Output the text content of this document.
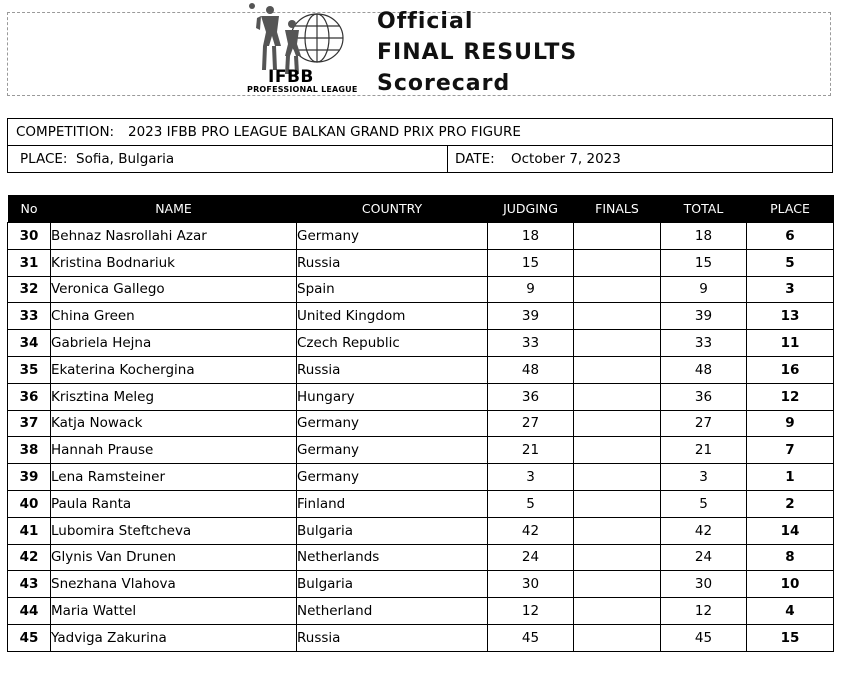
IFBB
PROFESSIONAL LEAGUE
Official
FINAL RESULTS
Scorecard
COMPETITION: 2023 IFBB PRO LEAGUE BALKAN GRAND PRIX PRO FIGURE
PLACE: Sofia, Bulgaria	DATE: October 7, 2023
No	NAME	COUNTRY	JUDGING	FINALS	TOTAL	PLACE
30	Behnaz Nasrollahi Azar	Germany	18		18	6
31	Kristina Bodnariuk	Russia	15		15	5
32	Veronica Gallego	Spain	9		9	3
33	China Green	United Kingdom	39		39	13
34	Gabriela Hejna	Czech Republic	33		33	11
35	Ekaterina Kochergina	Russia	48		48	16
36	Krisztina Meleg	Hungary	36		36	12
37	Katja Nowack	Germany	27		27	9
38	Hannah Prause	Germany	21		21	7
39	Lena Ramsteiner	Germany	3		3	1
40	Paula Ranta	Finland	5		5	2
41	Lubomira Steftcheva	Bulgaria	42		42	14
42	Glynis Van Drunen	Netherlands	24		24	8
43	Snezhana Vlahova	Bulgaria	30		30	10
44	Maria Wattel	Netherland	12		12	4
45	Yadviga Zakurina	Russia	45		45	15
